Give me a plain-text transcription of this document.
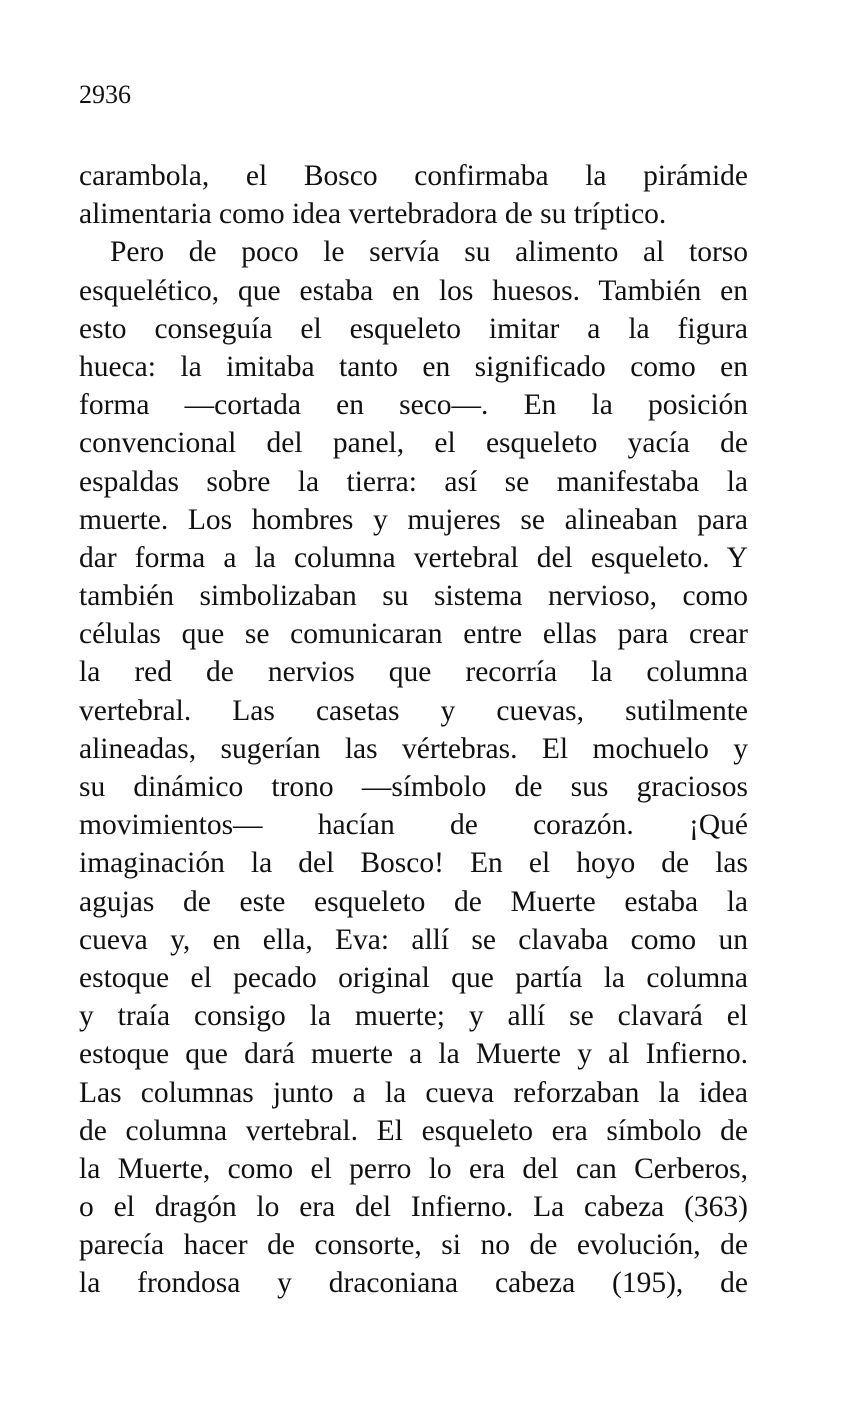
2936
carambola, el Bosco confirmaba la pirámide
alimentaria como idea vertebradora de su tríptico.
Pero de poco le servía su alimento al torso
esquelético, que estaba en los huesos. También en
esto conseguía el esqueleto imitar a la figura
hueca: la imitaba tanto en significado como en
forma —cortada en seco—. En la posición
convencional del panel, el esqueleto yacía de
espaldas sobre la tierra: así se manifestaba la
muerte. Los hombres y mujeres se alineaban para
dar forma a la columna vertebral del esqueleto. Y
también simbolizaban su sistema nervioso, como
células que se comunicaran entre ellas para crear
la red de nervios que recorría la columna
vertebral. Las casetas y cuevas, sutilmente
alineadas, sugerían las vértebras. El mochuelo y
su dinámico trono —símbolo de sus graciosos
movimientos— hacían de corazón. ¡Qué
imaginación la del Bosco! En el hoyo de las
agujas de este esqueleto de Muerte estaba la
cueva y, en ella, Eva: allí se clavaba como un
estoque el pecado original que partía la columna
y traía consigo la muerte; y allí se clavará el
estoque que dará muerte a la Muerte y al Infierno.
Las columnas junto a la cueva reforzaban la idea
de columna vertebral. El esqueleto era símbolo de
la Muerte, como el perro lo era del can Cerberos,
o el dragón lo era del Infierno. La cabeza (363)
parecía hacer de consorte, si no de evolución, de
la frondosa y draconiana cabeza (195), de
